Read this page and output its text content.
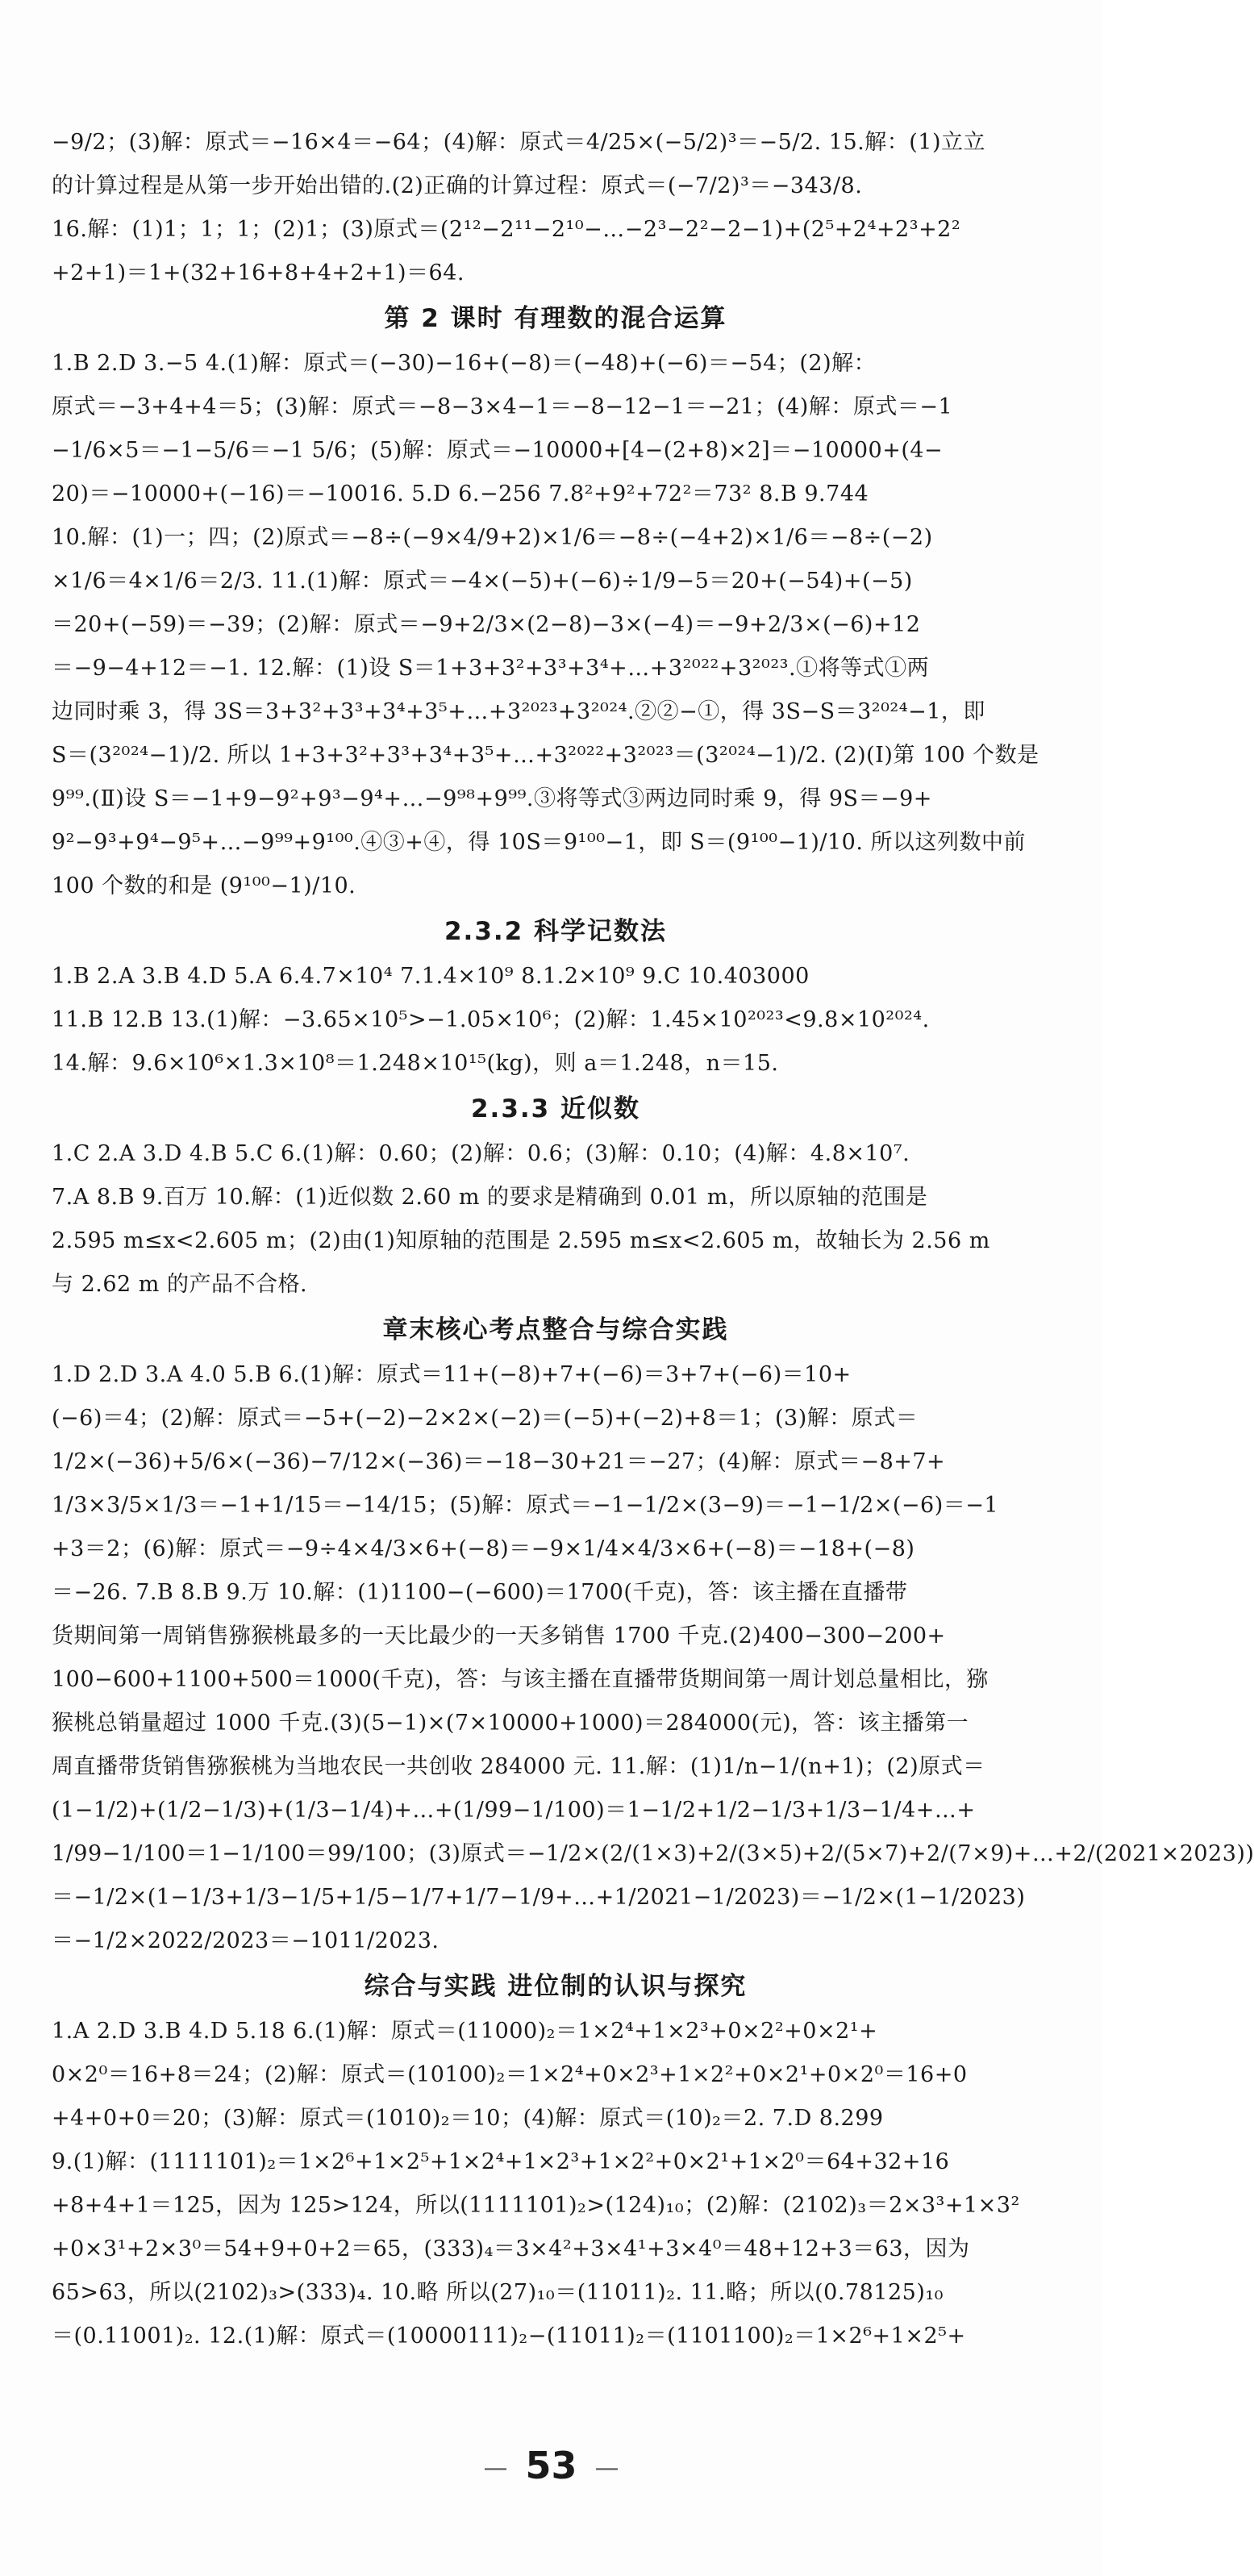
−9/2；(3)解：原式＝−16×4＝−64；(4)解：原式＝4/25×(−5/2)³＝−5/2. 15.解：(1)立立
的计算过程是从第一步开始出错的.(2)正确的计算过程：原式＝(−7/2)³＝−343/8.
16.解：(1)1；1；1；(2)1；(3)原式＝(2¹²−2¹¹−2¹⁰−…−2³−2²−2−1)+(2⁵+2⁴+2³+2²
+2+1)＝1+(32+16+8+4+2+1)＝64.
第 2 课时 有理数的混合运算
1.B 2.D 3.−5 4.(1)解：原式＝(−30)−16+(−8)＝(−48)+(−6)＝−54；(2)解：
原式＝−3+4+4＝5；(3)解：原式＝−8−3×4−1＝−8−12−1＝−21；(4)解：原式＝−1
−1/6×5＝−1−5/6＝−1 5/6；(5)解：原式＝−10000+[4−(2+8)×2]＝−10000+(4−
20)＝−10000+(−16)＝−10016. 5.D 6.−256 7.8²+9²+72²＝73² 8.B 9.744
10.解：(1)一；四；(2)原式＝−8÷(−9×4/9+2)×1/6＝−8÷(−4+2)×1/6＝−8÷(−2)
×1/6＝4×1/6＝2/3. 11.(1)解：原式＝−4×(−5)+(−6)÷1/9−5＝20+(−54)+(−5)
＝20+(−59)＝−39；(2)解：原式＝−9+2/3×(2−8)−3×(−4)＝−9+2/3×(−6)+12
＝−9−4+12＝−1. 12.解：(1)设 S＝1+3+3²+3³+3⁴+…+3²⁰²²+3²⁰²³.①将等式①两
边同时乘 3，得 3S＝3+3²+3³+3⁴+3⁵+…+3²⁰²³+3²⁰²⁴.②②−①，得 3S−S＝3²⁰²⁴−1，即
S＝(3²⁰²⁴−1)/2. 所以 1+3+3²+3³+3⁴+3⁵+…+3²⁰²²+3²⁰²³＝(3²⁰²⁴−1)/2. (2)(Ⅰ)第 100 个数是
9⁹⁹.(Ⅱ)设 S＝−1+9−9²+9³−9⁴+…−9⁹⁸+9⁹⁹.③将等式③两边同时乘 9，得 9S＝−9+
9²−9³+9⁴−9⁵+…−9⁹⁹+9¹⁰⁰.④③+④，得 10S＝9¹⁰⁰−1，即 S＝(9¹⁰⁰−1)/10. 所以这列数中前
100 个数的和是 (9¹⁰⁰−1)/10.
2.3.2 科学记数法
1.B 2.A 3.B 4.D 5.A 6.4.7×10⁴ 7.1.4×10⁹ 8.1.2×10⁹ 9.C 10.403000
11.B 12.B 13.(1)解：−3.65×10⁵>−1.05×10⁶；(2)解：1.45×10²⁰²³<9.8×10²⁰²⁴.
14.解：9.6×10⁶×1.3×10⁸＝1.248×10¹⁵(kg)，则 a＝1.248，n＝15.
2.3.3 近似数
1.C 2.A 3.D 4.B 5.C 6.(1)解：0.60；(2)解：0.6；(3)解：0.10；(4)解：4.8×10⁷.
7.A 8.B 9.百万 10.解：(1)近似数 2.60 m 的要求是精确到 0.01 m，所以原轴的范围是
2.595 m≤x<2.605 m；(2)由(1)知原轴的范围是 2.595 m≤x<2.605 m，故轴长为 2.56 m
与 2.62 m 的产品不合格.
章末核心考点整合与综合实践
1.D 2.D 3.A 4.0 5.B 6.(1)解：原式＝11+(−8)+7+(−6)＝3+7+(−6)＝10+
(−6)＝4；(2)解：原式＝−5+(−2)−2×2×(−2)＝(−5)+(−2)+8＝1；(3)解：原式＝
1/2×(−36)+5/6×(−36)−7/12×(−36)＝−18−30+21＝−27；(4)解：原式＝−8+7+
1/3×3/5×1/3＝−1+1/15＝−14/15；(5)解：原式＝−1−1/2×(3−9)＝−1−1/2×(−6)＝−1
+3＝2；(6)解：原式＝−9÷4×4/3×6+(−8)＝−9×1/4×4/3×6+(−8)＝−18+(−8)
＝−26. 7.B 8.B 9.万 10.解：(1)1100−(−600)＝1700(千克)，答：该主播在直播带
货期间第一周销售猕猴桃最多的一天比最少的一天多销售 1700 千克.(2)400−300−200+
100−600+1100+500＝1000(千克)，答：与该主播在直播带货期间第一周计划总量相比，猕
猴桃总销量超过 1000 千克.(3)(5−1)×(7×10000+1000)＝284000(元)，答：该主播第一
周直播带货销售猕猴桃为当地农民一共创收 284000 元. 11.解：(1)1/n−1/(n+1)；(2)原式＝
(1−1/2)+(1/2−1/3)+(1/3−1/4)+…+(1/99−1/100)＝1−1/2+1/2−1/3+1/3−1/4+…+
1/99−1/100＝1−1/100＝99/100；(3)原式＝−1/2×(2/(1×3)+2/(3×5)+2/(5×7)+2/(7×9)+…+2/(2021×2023))
＝−1/2×(1−1/3+1/3−1/5+1/5−1/7+1/7−1/9+…+1/2021−1/2023)＝−1/2×(1−1/2023)
＝−1/2×2022/2023＝−1011/2023.
综合与实践 进位制的认识与探究
1.A 2.D 3.B 4.D 5.18 6.(1)解：原式＝(11000)₂＝1×2⁴+1×2³+0×2²+0×2¹+
0×2⁰＝16+8＝24；(2)解：原式＝(10100)₂＝1×2⁴+0×2³+1×2²+0×2¹+0×2⁰＝16+0
+4+0+0＝20；(3)解：原式＝(1010)₂＝10；(4)解：原式＝(10)₂＝2. 7.D 8.299
9.(1)解：(1111101)₂＝1×2⁶+1×2⁵+1×2⁴+1×2³+1×2²+0×2¹+1×2⁰＝64+32+16
+8+4+1＝125，因为 125>124，所以(1111101)₂>(124)₁₀；(2)解：(2102)₃＝2×3³+1×3²
+0×3¹+2×3⁰＝54+9+0+2＝65，(333)₄＝3×4²+3×4¹+3×4⁰＝48+12+3＝63，因为
65>63，所以(2102)₃>(333)₄. 10.略 所以(27)₁₀＝(11011)₂. 11.略；所以(0.78125)₁₀
＝(0.11001)₂. 12.(1)解：原式＝(10000111)₂−(11011)₂＝(1101100)₂＝1×2⁶+1×2⁵+
— 53 —
